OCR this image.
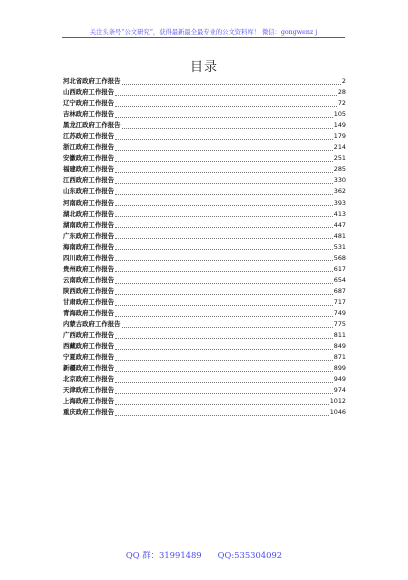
关注头条号“公文研究”，获得最新最全最专业的公文资料库！ 微信：gongwenz j
目录
河北省政府工作报告	2
山西政府工作报告	28
辽宁政府工作报告	72
吉林政府工作报告	105
黑龙江政府工作报告	149
江苏政府工作报告	179
浙江政府工作报告	214
安徽政府工作报告	251
福建政府工作报告	285
江西政府工作报告	330
山东政府工作报告	362
河南政府工作报告	393
湖北政府工作报告	413
湖南政府工作报告	447
广东政府工作报告	481
海南政府工作报告	531
四川政府工作报告	568
贵州政府工作报告	617
云南政府工作报告	654
陕西政府工作报告	687
甘肃政府工作报告	717
青海政府工作报告	749
内蒙古政府工作报告	775
广西政府工作报告	811
西藏政府工作报告	849
宁夏政府工作报告	871
新疆政府工作报告	899
北京政府工作报告	949
天津政府工作报告	974
上海政府工作报告	1012
重庆政府工作报告	1046
QQ 群：31991489      QQ:535304092
